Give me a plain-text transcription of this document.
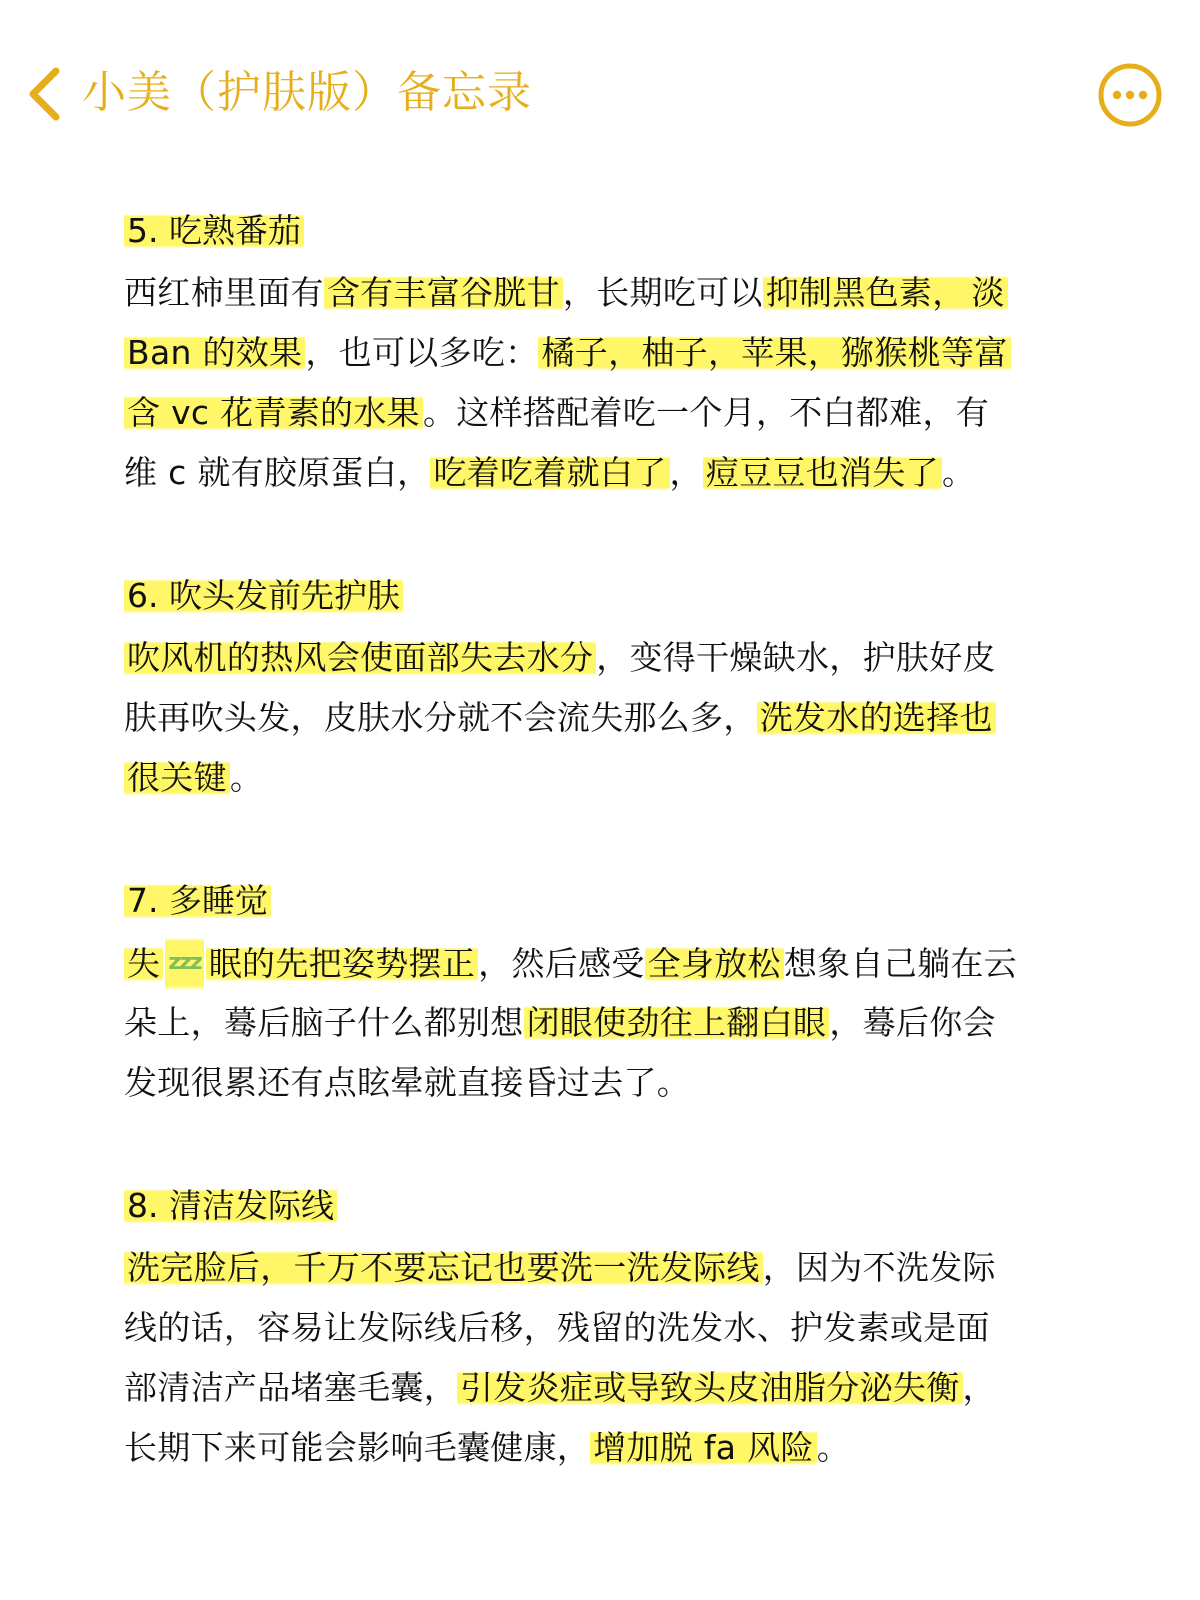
小美（护肤版）备忘录
5. 吃熟番茄
西红柿里面有含有丰富谷胱甘，长期吃可以抑制黑色素， 淡
Ban 的效果，也可以多吃：橘子，柚子，苹果，猕猴桃等富
含 vc 花青素的水果。这样搭配着吃一个月，不白都难，有
维 c 就有胶原蛋白，吃着吃着就白了，痘豆豆也消失了。
6. 吹头发前先护肤
吹风机的热风会使面部失去水分，变得干燥缺水，护肤好皮
肤再吹头发，皮肤水分就不会流失那么多，洗发水的选择也
很关键。
7. 多睡觉
失 zzz 眠的先把姿势摆正，然后感受全身放松想象自己躺在云
朵上，蓦后脑子什么都别想闭眼使劲往上翻白眼，蓦后你会
发现很累还有点眩晕就直接昏过去了。
8. 清洁发际线
洗完脸后，千万不要忘记也要洗一洗发际线，因为不洗发际
线的话，容易让发际线后移，残留的洗发水、护发素或是面
部清洁产品堵塞毛囊，引发炎症或导致头皮油脂分泌失衡，
长期下来可能会影响毛囊健康，增加脱 fa 风险。
